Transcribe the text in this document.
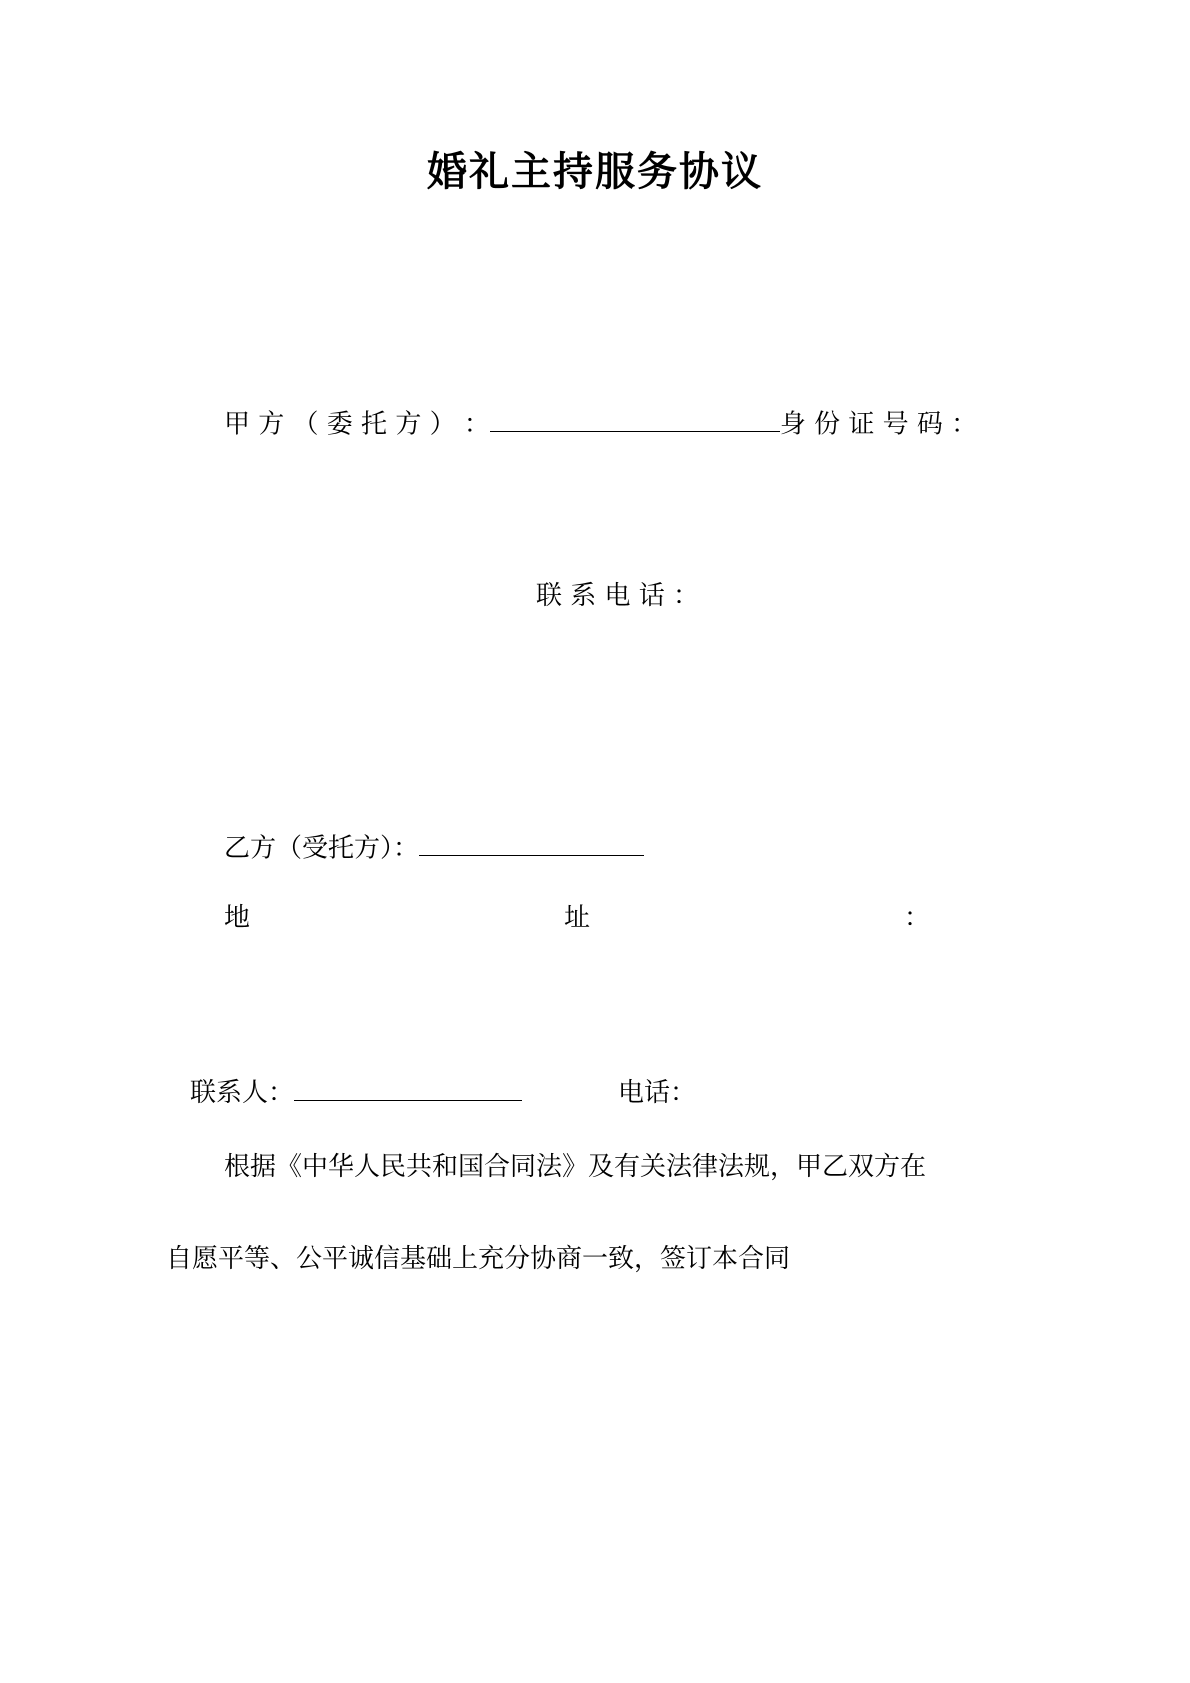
婚礼主持服务协议
甲 方 （ 委 托 方 ） ：	身 份 证 号 码 ：
联 系 电 话 ：
乙方（受托方）：
地	址	：
联系人：	电话：
根据《中华人民共和国合同法》及有关法律法规，甲乙双方在
自愿平等、公平诚信基础上充分协商一致，签订本合同
